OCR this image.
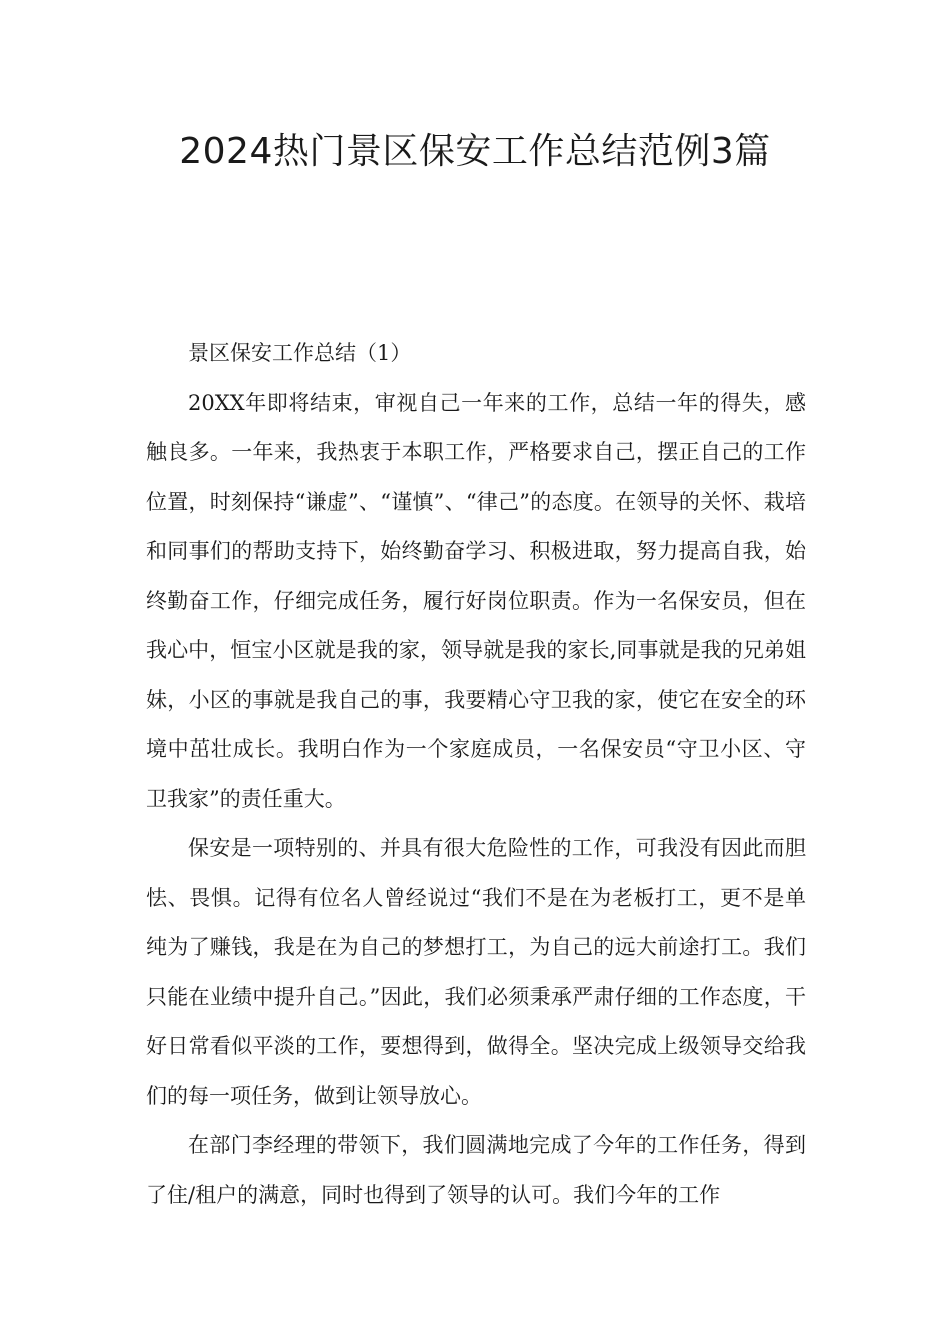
2024热门景区保安工作总结范例3篇

景区保安工作总结（1）

20XX年即将结束，审视自己一年来的工作，总结一年的得失，感触良多。一年来，我热衷于本职工作，严格要求自己，摆正自己的工作位置，时刻保持“谦虚”、“谨慎”、“律己”的态度。在领导的关怀、栽培和同事们的帮助支持下，始终勤奋学习、积极进取，努力提高自我，始终勤奋工作，仔细完成任务，履行好岗位职责。作为一名保安员，但在我心中，恒宝小区就是我的家，领导就是我的家长,同事就是我的兄弟姐妹，小区的事就是我自己的事，我要精心守卫我的家，使它在安全的环境中茁壮成长。我明白作为一个家庭成员，一名保安员“守卫小区、守卫我家”的责任重大。

保安是一项特别的、并具有很大危险性的工作，可我没有因此而胆怯、畏惧。记得有位名人曾经说过“我们不是在为老板打工，更不是单纯为了赚钱，我是在为自己的梦想打工，为自己的远大前途打工。我们只能在业绩中提升自己。”因此，我们必须秉承严肃仔细的工作态度，干好日常看似平淡的工作，要想得到，做得全。坚决完成上级领导交给我们的每一项任务，做到让领导放心。

在部门李经理的带领下，我们圆满地完成了今年的工作任务，得到了住/租户的满意，同时也得到了领导的认可。我们今年的工作
